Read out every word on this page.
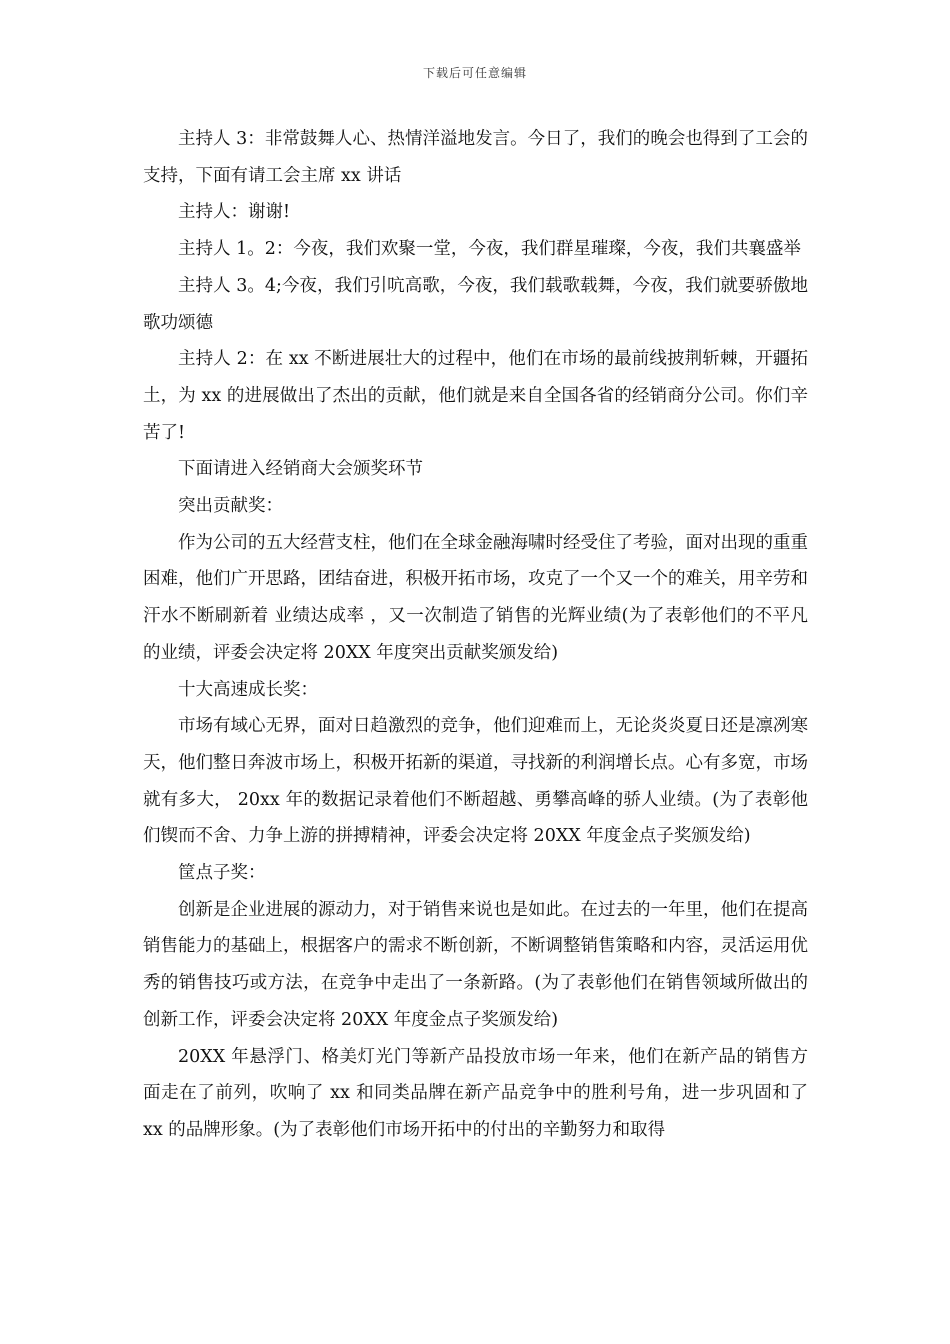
下载后可任意编辑

主持人 3：非常鼓舞人心、热情洋溢地发言。今日了，我们的晚会也得到了工会的支持，下面有请工会主席 xx 讲话

主持人：谢谢!

主持人 1。2：今夜，我们欢聚一堂，今夜，我们群星璀璨，今夜，我们共襄盛举

主持人 3。4;今夜，我们引吭高歌，今夜，我们载歌载舞，今夜，我们就要骄傲地歌功颂德

主持人 2：在 xx 不断进展壮大的过程中，他们在市场的最前线披荆斩棘，开疆拓土，为 xx 的进展做出了杰出的贡献，他们就是来自全国各省的经销商分公司。你们辛苦了!

下面请进入经销商大会颁奖环节

突出贡献奖：

作为公司的五大经营支柱，他们在全球金融海啸时经受住了考验，面对出现的重重困难，他们广开思路，团结奋进，积极开拓市场，攻克了一个又一个的难关，用辛劳和汗水不断刷新着 业绩达成率 ，又一次制造了销售的光辉业绩(为了表彰他们的不平凡的业绩，评委会决定将 20XX 年度突出贡献奖颁发给)

十大高速成长奖：

市场有域心无界，面对日趋激烈的竞争，他们迎难而上，无论炎炎夏日还是凛冽寒天，他们整日奔波市场上，积极开拓新的渠道，寻找新的利润增长点。心有多宽，市场就有多大， 20xx 年的数据记录着他们不断超越、勇攀高峰的骄人业绩。(为了表彰他们锲而不舍、力争上游的拼搏精神，评委会决定将 20XX 年度金点子奖颁发给)

筐点子奖：

创新是企业进展的源动力，对于销售来说也是如此。在过去的一年里，他们在提高销售能力的基础上，根据客户的需求不断创新，不断调整销售策略和内容，灵活运用优秀的销售技巧或方法，在竞争中走出了一条新路。(为了表彰他们在销售领域所做出的创新工作，评委会决定将 20XX 年度金点子奖颁发给)

20XX 年悬浮门、格美灯光门等新产品投放市场一年来，他们在新产品的销售方面走在了前列，吹响了 xx 和同类品牌在新产品竞争中的胜利号角，进一步巩固和了 xx 的品牌形象。(为了表彰他们市场开拓中的付出的辛勤努力和取得
